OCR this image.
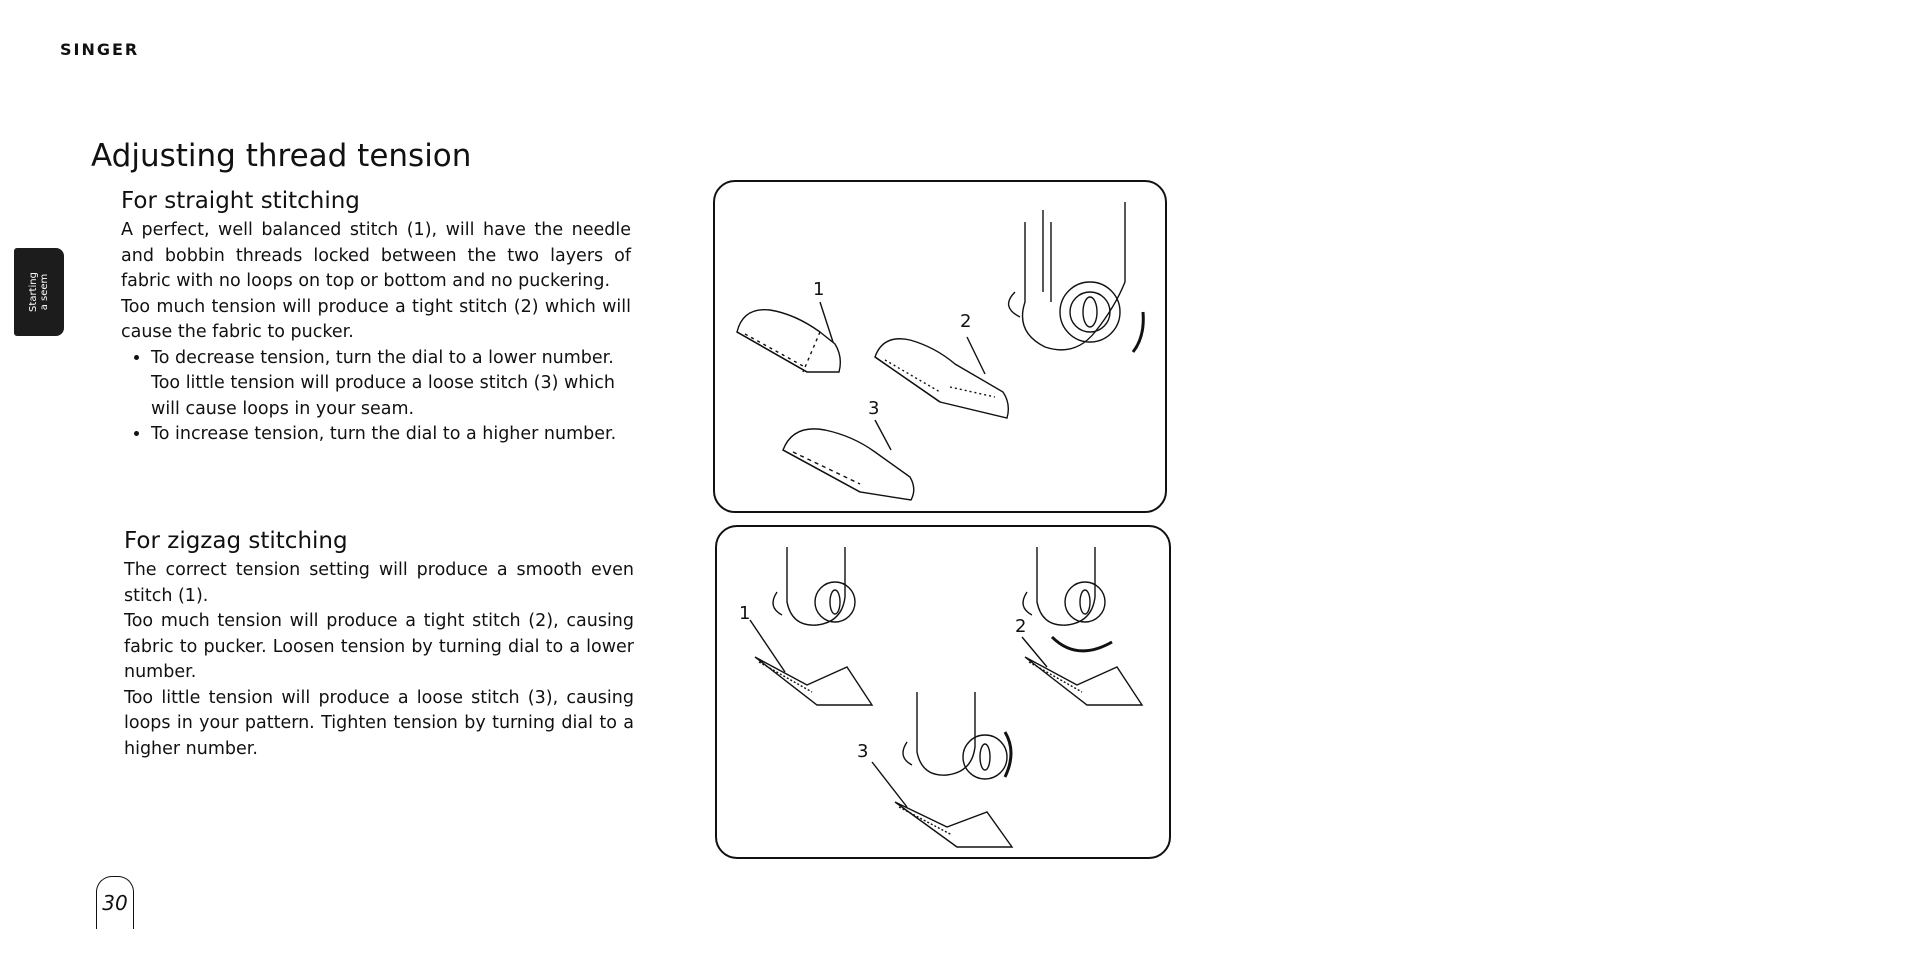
SINGER
Starting a seem
Adjusting thread tension
For straight stitching

A perfect, well balanced stitch (1), will have the needle and bobbin threads locked between the two layers of fabric with no loops on top or bottom and no puckering.

Too much tension will produce a tight stitch (2) which will cause the fabric to pucker.

• To decrease tension, turn the dial to a lower number. Too little tension will produce a loose stitch (3) which will cause loops in your seam.
• To increase tension, turn the dial to a higher number.
For zigzag stitching

The correct tension setting will produce a smooth even stitch (1).

Too much tension will produce a tight stitch (2), causing fabric to pucker. Loosen tension by turning dial to a lower number.

Too little tension will produce a loose stitch (3), causing loops in your pattern. Tighten tension by turning dial to a higher number.

1
2
3
1
2
3
30
